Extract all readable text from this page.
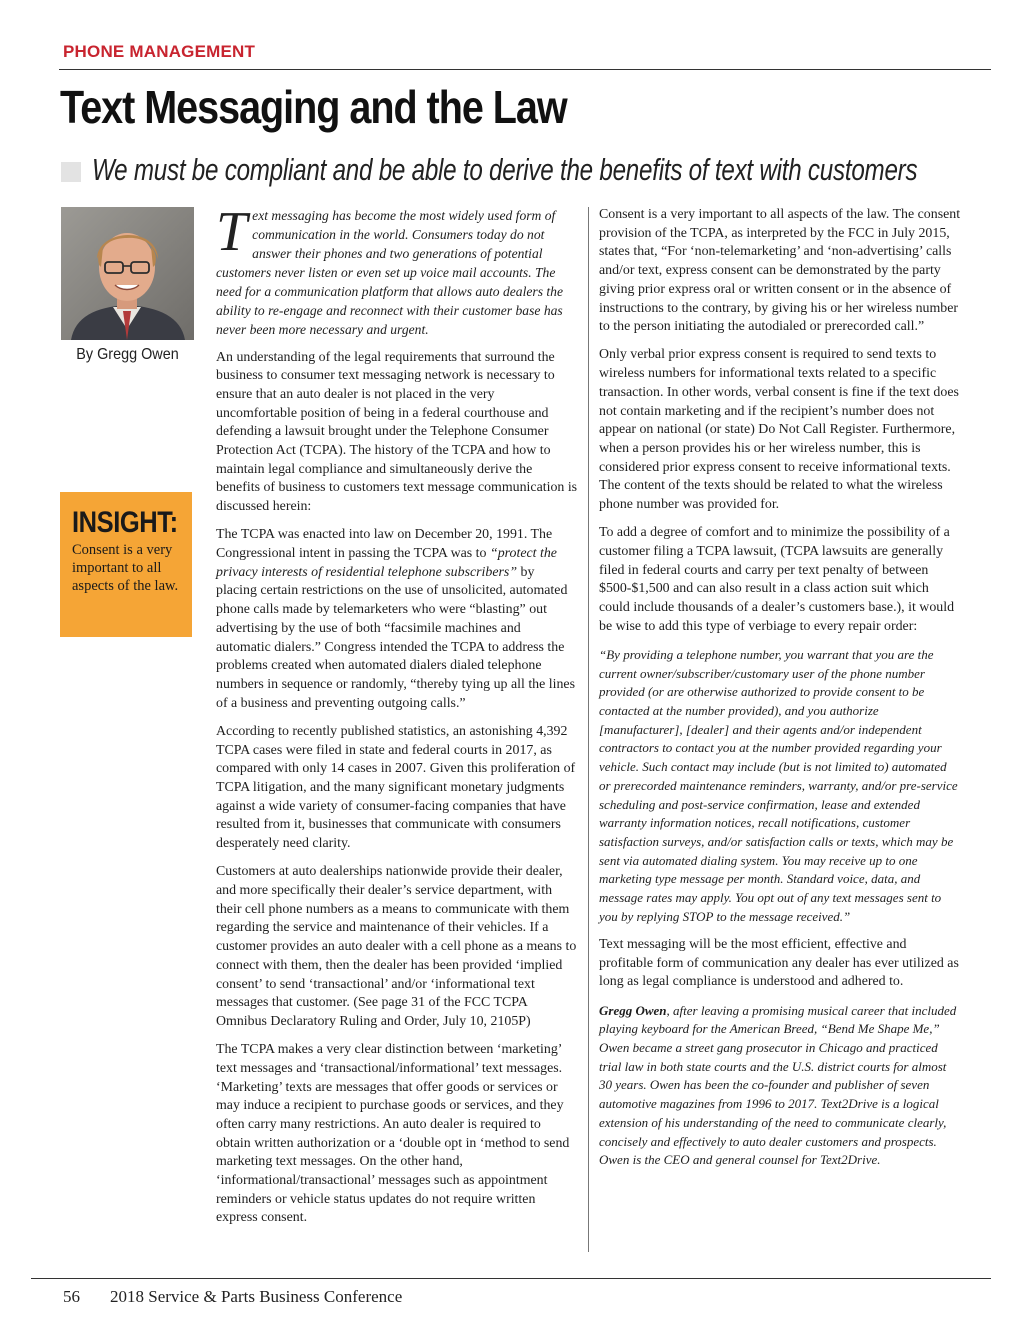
PHONE MANAGEMENT
Text Messaging and the Law
We must be compliant and be able to derive the benefits of text with customers
By Gregg Owen
INSIGHT:
Consent is a very important to all aspects of the law.

Text messaging has become the most widely used form of communication in the world. Consumers today do not answer their phones and two generations of potential customers never listen or even set up voice mail accounts. The need for a communication platform that allows auto dealers the ability to re-engage and reconnect with their customer base has never been more necessary and urgent.

An understanding of the legal requirements that surround the business to consumer text messaging network is necessary to ensure that an auto dealer is not placed in the very uncomfortable position of being in a federal courthouse and defending a lawsuit brought under the Telephone Consumer Protection Act (TCPA). The history of the TCPA and how to maintain legal compliance and simultaneously derive the benefits of business to customers text message communication is discussed herein:

The TCPA was enacted into law on December 20, 1991. The Congressional intent in passing the TCPA was to “protect the privacy interests of residential telephone subscribers” by placing certain restrictions on the use of unsolicited, automated phone calls made by telemarketers who were “blasting” out advertising by the use of both “facsimile machines and automatic dialers.” Congress intended the TCPA to address the problems created when automated dialers dialed telephone numbers in sequence or randomly, “thereby tying up all the lines of a business and preventing outgoing calls.”

According to recently published statistics, an astonishing 4,392 TCPA cases were filed in state and federal courts in 2017, as compared with only 14 cases in 2007. Given this proliferation of TCPA litigation, and the many significant monetary judgments against a wide variety of consumer-facing companies that have resulted from it, businesses that communicate with consumers desperately need clarity.

Customers at auto dealerships nationwide provide their dealer, and more specifically their dealer’s service department, with their cell phone numbers as a means to communicate with them regarding the service and maintenance of their vehicles. If a customer provides an auto dealer with a cell phone as a means to connect with them, then the dealer has been provided ‘implied consent’ to send ‘transactional’ and/or ‘informational text messages that customer. (See page 31 of the FCC TCPA Omnibus Declaratory Ruling and Order, July 10, 2105P)

The TCPA makes a very clear distinction between ‘marketing’ text messages and ‘transactional/informational’ text messages. ‘Marketing’ texts are messages that offer goods or services or may induce a recipient to purchase goods or services, and they often carry many restrictions. An auto dealer is required to obtain written authorization or a ‘double opt in ‘method to send marketing text messages. On the other hand, ‘informational/transactional’ messages such as appointment reminders or vehicle status updates do not require written express consent.

Consent is a very important to all aspects of the law. The consent provision of the TCPA, as interpreted by the FCC in July 2015, states that, “For ‘non-telemarketing’ and ‘non-advertising’ calls and/or text, express consent can be demonstrated by the party giving prior express oral or written consent or in the absence of instructions to the contrary, by giving his or her wireless number to the person initiating the autodialed or prerecorded call.”

Only verbal prior express consent is required to send texts to wireless numbers for informational texts related to a specific transaction. In other words, verbal consent is fine if the text does not contain marketing and if the recipient’s number does not appear on national (or state) Do Not Call Register. Furthermore, when a person provides his or her wireless number, this is considered prior express consent to receive informational texts. The content of the texts should be related to what the wireless phone number was provided for.

To add a degree of comfort and to minimize the possibility of a customer filing a TCPA lawsuit, (TCPA lawsuits are generally filed in federal courts and carry per text penalty of between $500-$1,500 and can also result in a class action suit which could include thousands of a dealer’s customers base.), it would be wise to add this type of verbiage to every repair order:

“By providing a telephone number, you warrant that you are the current owner/subscriber/customary user of the phone number provided (or are otherwise authorized to provide consent to be contacted at the number provided), and you authorize [manufacturer], [dealer] and their agents and/or independent contractors to contact you at the number provided regarding your vehicle. Such contact may include (but is not limited to) automated or prerecorded maintenance reminders, warranty, and/or pre-service scheduling and post-service confirmation, lease and extended warranty information notices, recall notifications, customer satisfaction surveys, and/or satisfaction calls or texts, which may be sent via automated dialing system. You may receive up to one marketing type message per month. Standard voice, data, and message rates may apply. You opt out of any text messages sent to you by replying STOP to the message received.”

Text messaging will be the most efficient, effective and profitable form of communication any dealer has ever utilized as long as legal compliance is understood and adhered to.

Gregg Owen, after leaving a promising musical career that included playing keyboard for the American Breed, “Bend Me Shape Me,” Owen became a street gang prosecutor in Chicago and practiced trial law in both state courts and the U.S. district courts for almost 30 years. Owen has been the co-founder and publisher of seven automotive magazines from 1996 to 2017. Text2Drive is a logical extension of his understanding of the need to communicate clearly, concisely and effectively to auto dealer customers and prospects. Owen is the CEO and general counsel for Text2Drive.

56 2018 Service & Parts Business Conference
